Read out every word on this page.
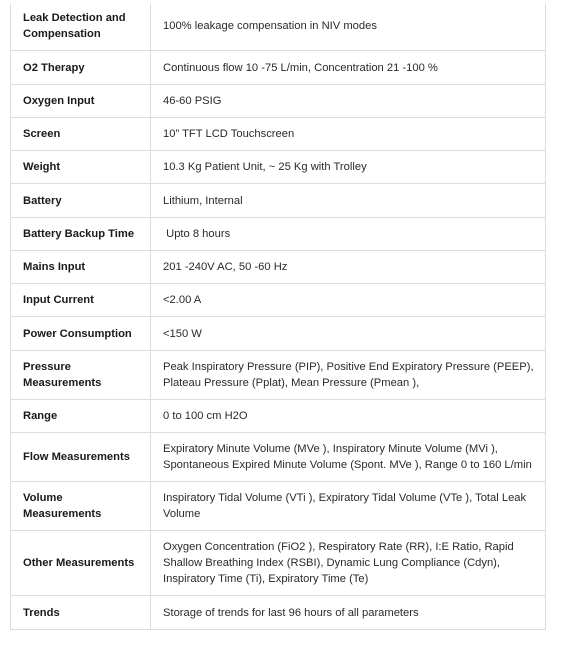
Leak Detection and Compensation	100% leakage compensation in NIV modes
O2 Therapy	Continuous flow 10 -75 L/min, Concentration 21 -100 %
Oxygen Input	46-60 PSIG
Screen	10” TFT LCD Touchscreen
Weight	10.3 Kg Patient Unit, ~ 25 Kg with Trolley
Battery	Lithium, Internal
Battery Backup Time	Upto 8 hours
Mains Input	201 -240V AC, 50 -60 Hz
Input Current	<2.00 A
Power Consumption	<150 W
Pressure Measurements	Peak Inspiratory Pressure (PIP), Positive End Expiratory Pressure (PEEP), Plateau Pressure (Pplat), Mean Pressure (Pmean ),
Range	0 to 100 cm H2O
Flow Measurements	Expiratory Minute Volume (MVe ), Inspiratory Minute Volume (MVi ), Spontaneous Expired Minute Volume (Spont. MVe ), Range 0 to 160 L/min
Volume Measurements	Inspiratory Tidal Volume (VTi ), Expiratory Tidal Volume (VTe ), Total Leak Volume
Other Measurements	Oxygen Concentration (FiO2 ), Respiratory Rate (RR), I:E Ratio, Rapid Shallow Breathing Index (RSBI), Dynamic Lung Compliance (Cdyn), Inspiratory Time (Ti), Expiratory Time (Te)
Trends	Storage of trends for last 96 hours of all parameters
